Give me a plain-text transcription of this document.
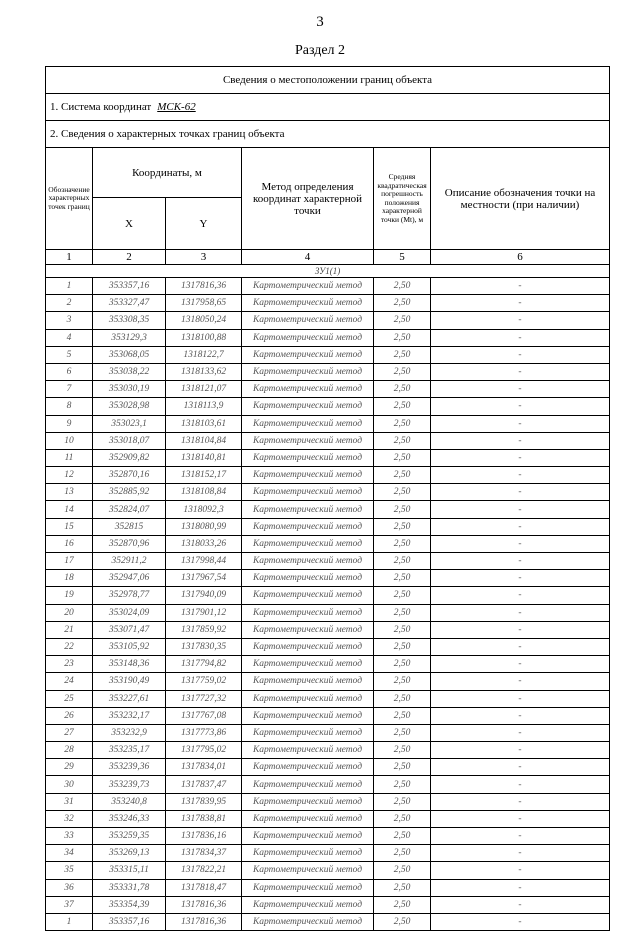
3
Раздел 2
Сведения о местоположении границ объекта					
1. Система координат МСК-62					
2. Сведения о характерных точках границ объекта					
Обозначение характерных точек границ	Координаты, м		Метод определения координат характерной точки	Средняя квадратическая погрешность положения характерной точки (Mt), м	Описание обозначения точки на местности (при наличии)
	X	Y			
1	2	3	4	5	6
ЗУ1(1)					
1	353357,16	1317816,36	Картометрический метод	2,50	-
2	353327,47	1317958,65	Картометрический метод	2,50	-
3	353308,35	1318050,24	Картометрический метод	2,50	-
4	353129,3	1318100,88	Картометрический метод	2,50	-
5	353068,05	1318122,7	Картометрический метод	2,50	-
6	353038,22	1318133,62	Картометрический метод	2,50	-
7	353030,19	1318121,07	Картометрический метод	2,50	-
8	353028,98	1318113,9	Картометрический метод	2,50	-
9	353023,1	1318103,61	Картометрический метод	2,50	-
10	353018,07	1318104,84	Картометрический метод	2,50	-
11	352909,82	1318140,81	Картометрический метод	2,50	-
12	352870,16	1318152,17	Картометрический метод	2,50	-
13	352885,92	1318108,84	Картометрический метод	2,50	-
14	352824,07	1318092,3	Картометрический метод	2,50	-
15	352815	1318080,99	Картометрический метод	2,50	-
16	352870,96	1318033,26	Картометрический метод	2,50	-
17	352911,2	1317998,44	Картометрический метод	2,50	-
18	352947,06	1317967,54	Картометрический метод	2,50	-
19	352978,77	1317940,09	Картометрический метод	2,50	-
20	353024,09	1317901,12	Картометрический метод	2,50	-
21	353071,47	1317859,92	Картометрический метод	2,50	-
22	353105,92	1317830,35	Картометрический метод	2,50	-
23	353148,36	1317794,82	Картометрический метод	2,50	-
24	353190,49	1317759,02	Картометрический метод	2,50	-
25	353227,61	1317727,32	Картометрический метод	2,50	-
26	353232,17	1317767,08	Картометрический метод	2,50	-
27	353232,9	1317773,86	Картометрический метод	2,50	-
28	353235,17	1317795,02	Картометрический метод	2,50	-
29	353239,36	1317834,01	Картометрический метод	2,50	-
30	353239,73	1317837,47	Картометрический метод	2,50	-
31	353240,8	1317839,95	Картометрический метод	2,50	-
32	353246,33	1317838,81	Картометрический метод	2,50	-
33	353259,35	1317836,16	Картометрический метод	2,50	-
34	353269,13	1317834,37	Картометрический метод	2,50	-
35	353315,11	1317822,21	Картометрический метод	2,50	-
36	353331,78	1317818,47	Картометрический метод	2,50	-
37	353354,39	1317816,36	Картометрический метод	2,50	-
1	353357,16	1317816,36	Картометрический метод	2,50	-
